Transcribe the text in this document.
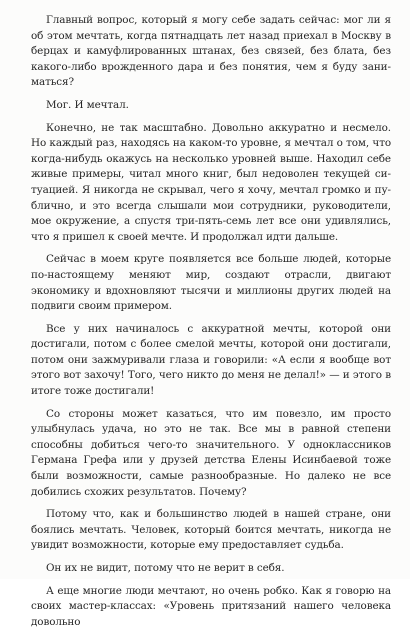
Главный вопрос, который я могу себе задать сейчас: мог ли я об этом мечтать, когда пятнадцать лет назад приехал в Москву в берцах и камуфлированных штанах, без связей, без блата, без какого-либо врожденного дара и без понятия, чем я буду заниматься?

Мог. И мечтал.

Конечно, не так масштабно. Довольно аккуратно и несмело. Но каждый раз, находясь на каком-то уровне, я мечтал о том, что когда-нибудь окажусь на несколько уровней выше. Находил себе живые примеры, читал много книг, был недоволен текущей ситуацией. Я никогда не скрывал, чего я хочу, мечтал громко и публично, и это всегда слышали мои сотрудники, руководители, мое окружение, а спустя три-пять-семь лет все они удивлялись, что я пришел к своей мечте. И продолжал идти дальше.

Сейчас в моем круге появляется все больше людей, которые по-настоящему меняют мир, создают отрасли, двигают экономику и вдохновляют тысячи и миллионы других людей на подвиги своим примером.

Все у них начиналось с аккуратной мечты, которой они достигали, потом с более смелой мечты, которой они достигали, потом они зажмуривали глаза и говорили: «А если я вообще вот этого вот захочу! Того, чего никто до меня не делал!» — и этого в итоге тоже достигали!

Со стороны может казаться, что им повезло, им просто улыбнулась удача, но это не так. Все мы в равной степени способны добиться чего-то значительного. У одноклассников Германа Грефа или у друзей детства Елены Исинбаевой тоже были возможности, самые разнообразные. Но далеко не все добились схожих результатов. Почему?

Потому что, как и большинство людей в нашей стране, они боялись мечтать. Человек, который боится мечтать, никогда не увидит возможности, которые ему предоставляет судьба.

Он их не видит, потому что не верит в себя.

А еще многие люди мечтают, но очень робко. Как я говорю на своих мастер-классах: «Уровень притязаний нашего человека довольно
